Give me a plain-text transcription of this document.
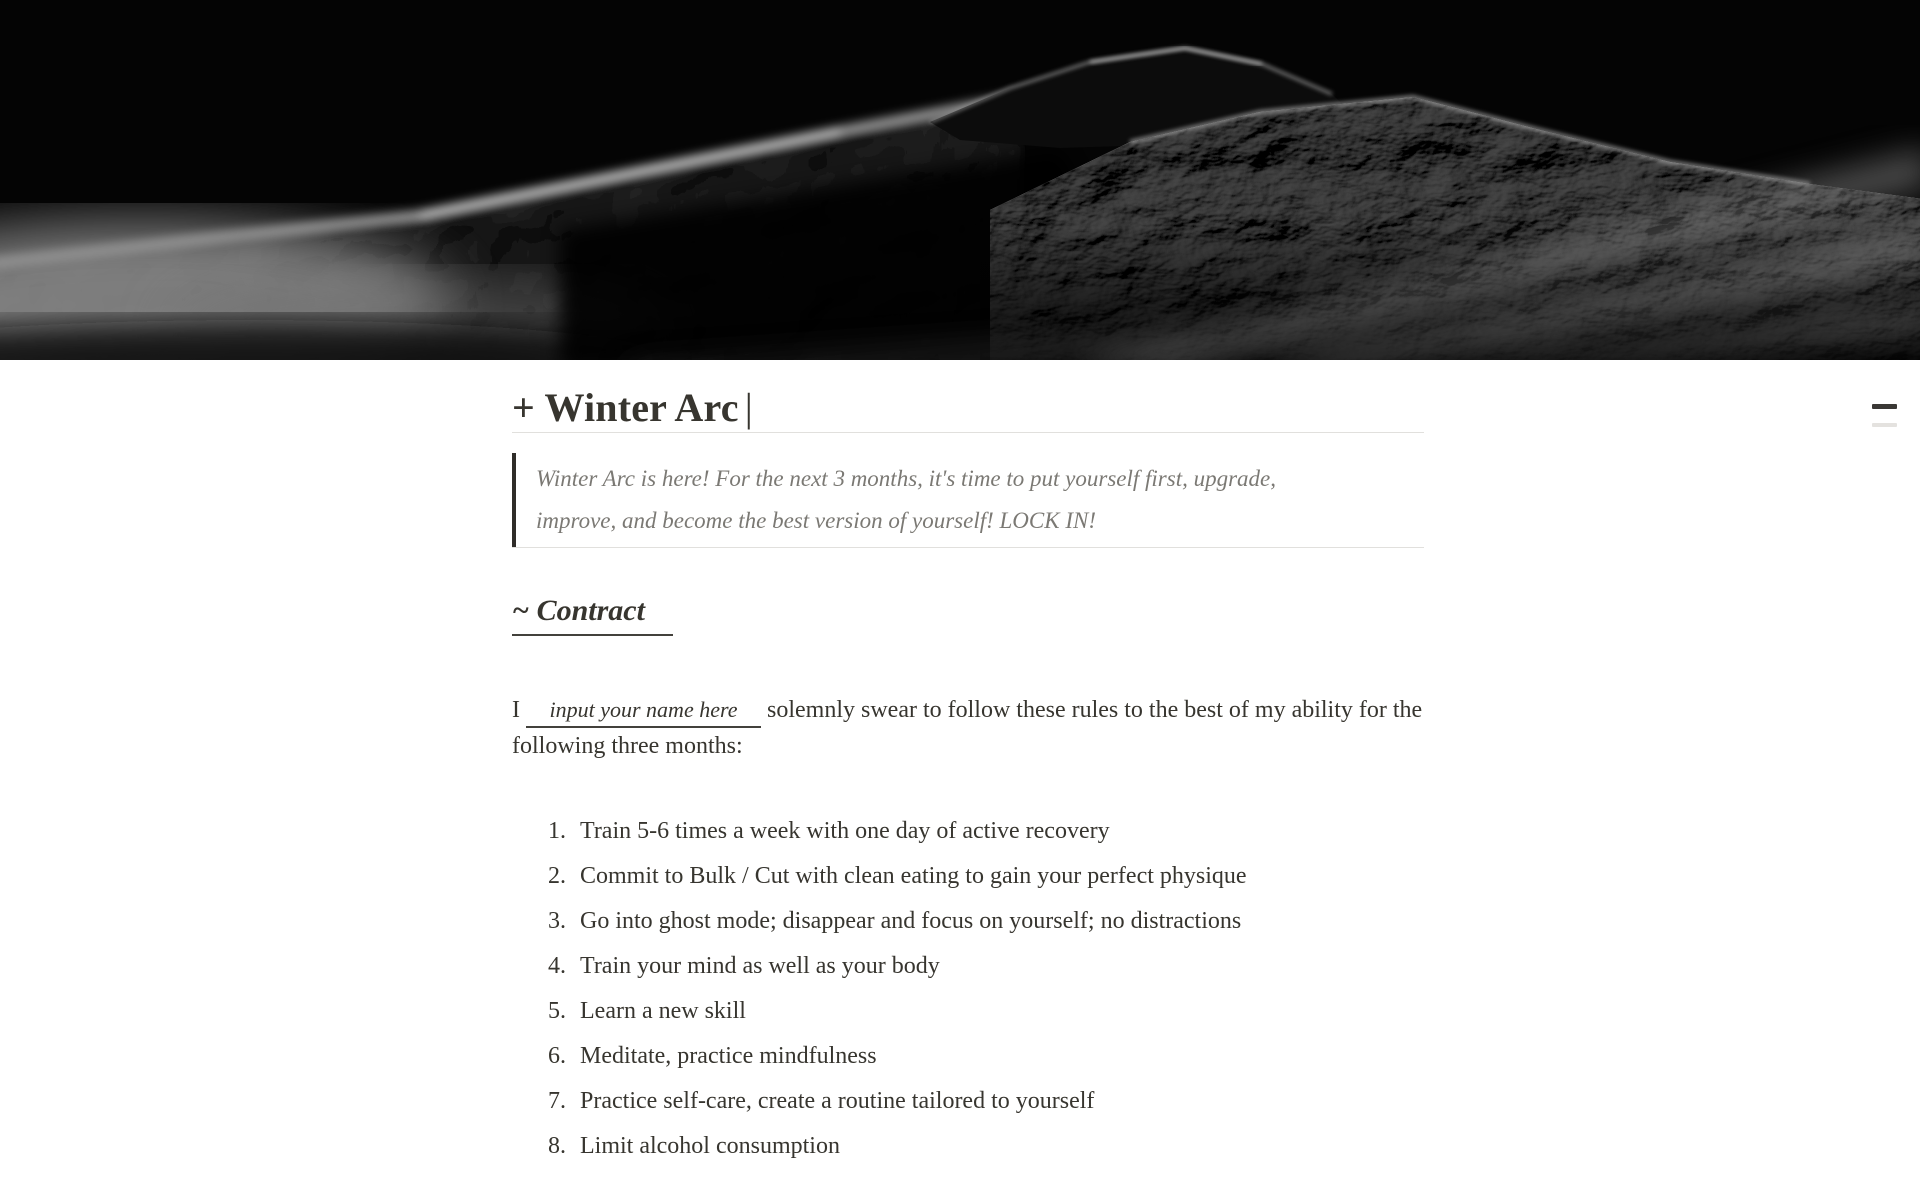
+ Winter Arc |
Winter Arc is here! For the next 3 months, it's time to put yourself first, upgrade,
improve, and become the best version of yourself! LOCK IN!
~ Contract

I input your name here solemnly swear to follow these rules to the best of my ability for the
following three months:

Train 5-6 times a week with one day of active recovery
Commit to Bulk / Cut with clean eating to gain your perfect physique
Go into ghost mode; disappear and focus on yourself; no distractions
Train your mind as well as your body
Learn a new skill
Meditate, practice mindfulness
Practice self-care, create a routine tailored to yourself
Limit alcohol consumption
